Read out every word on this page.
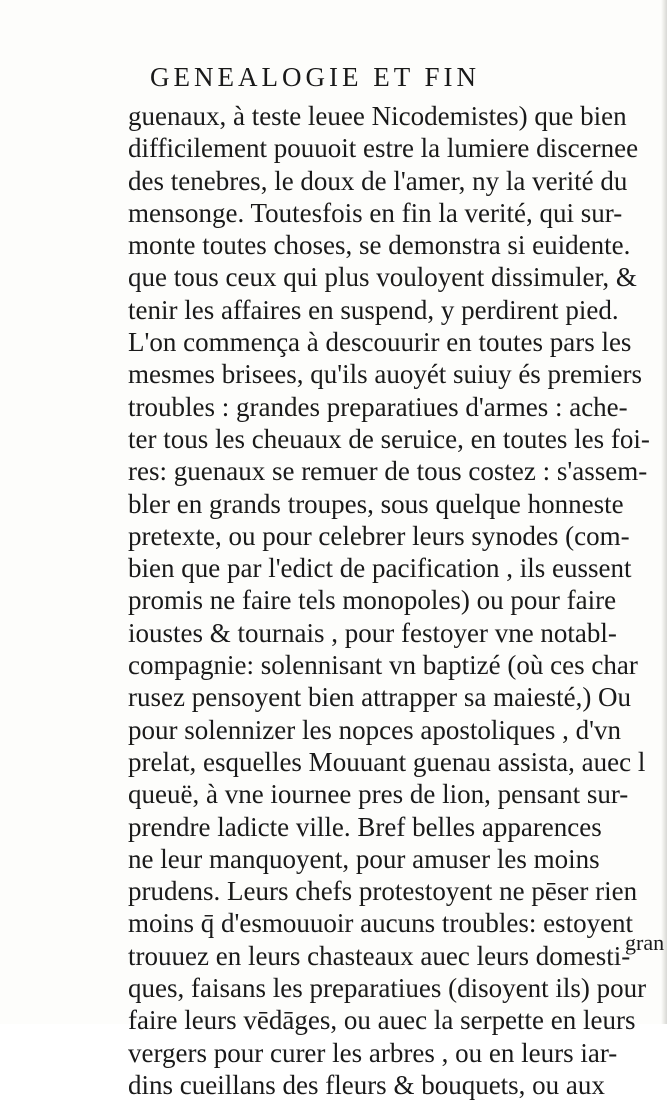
GENEALOGIE ET FIN
guenaux, à teste leuee Nicodemistes) que bien
difficilement pouuoit estre la lumiere discernee
des tenebres, le doux de l'amer, ny la verité du
mensonge. Toutesfois en fin la verité, qui sur-
monte toutes choses, se demonstra si euidente.
que tous ceux qui plus vouloyent dissimuler, &
tenir les affaires en suspend, y perdirent pied.
L'on commença à descouurir en toutes pars les
mesmes brisees, qu'ils auoyét suiuy és premiers
troubles : grandes preparatiues d'armes : ache-
ter tous les cheuaux de seruice, en toutes les foi-
res: guenaux se remuer de tous costez : s'assem-
bler en grands troupes, sous quelque honneste
pretexte, ou pour celebrer leurs synodes (com-
bien que par l'edict de pacification , ils eussent
promis ne faire tels monopoles) ou pour faire
ioustes & tournais , pour festoyer vne notabl-
compagnie: solennisant vn baptizé (où ces char
rusez pensoyent bien attrapper sa maiesté,) Ou
pour solennizer les nopces apostoliques , d'vn
prelat, esquelles Mouuant guenau assista, auec l
queuë, à vne iournee pres de lion, pensant sur-
prendre ladicte ville. Bref belles apparences
ne leur manquoyent, pour amuser les moins
prudens. Leurs chefs protestoyent ne pēser rien
moins q̄ d'esmouuoir aucuns troubles: estoyent
trouuez en leurs chasteaux auec leurs domesti-
ques, faisans les preparatiues (disoyent ils) pour
faire leurs vēdāges, ou auec la serpette en leurs
vergers pour curer les arbres , ou en leurs iar-
dins cueillans des fleurs & bouquets, ou aux
gran
